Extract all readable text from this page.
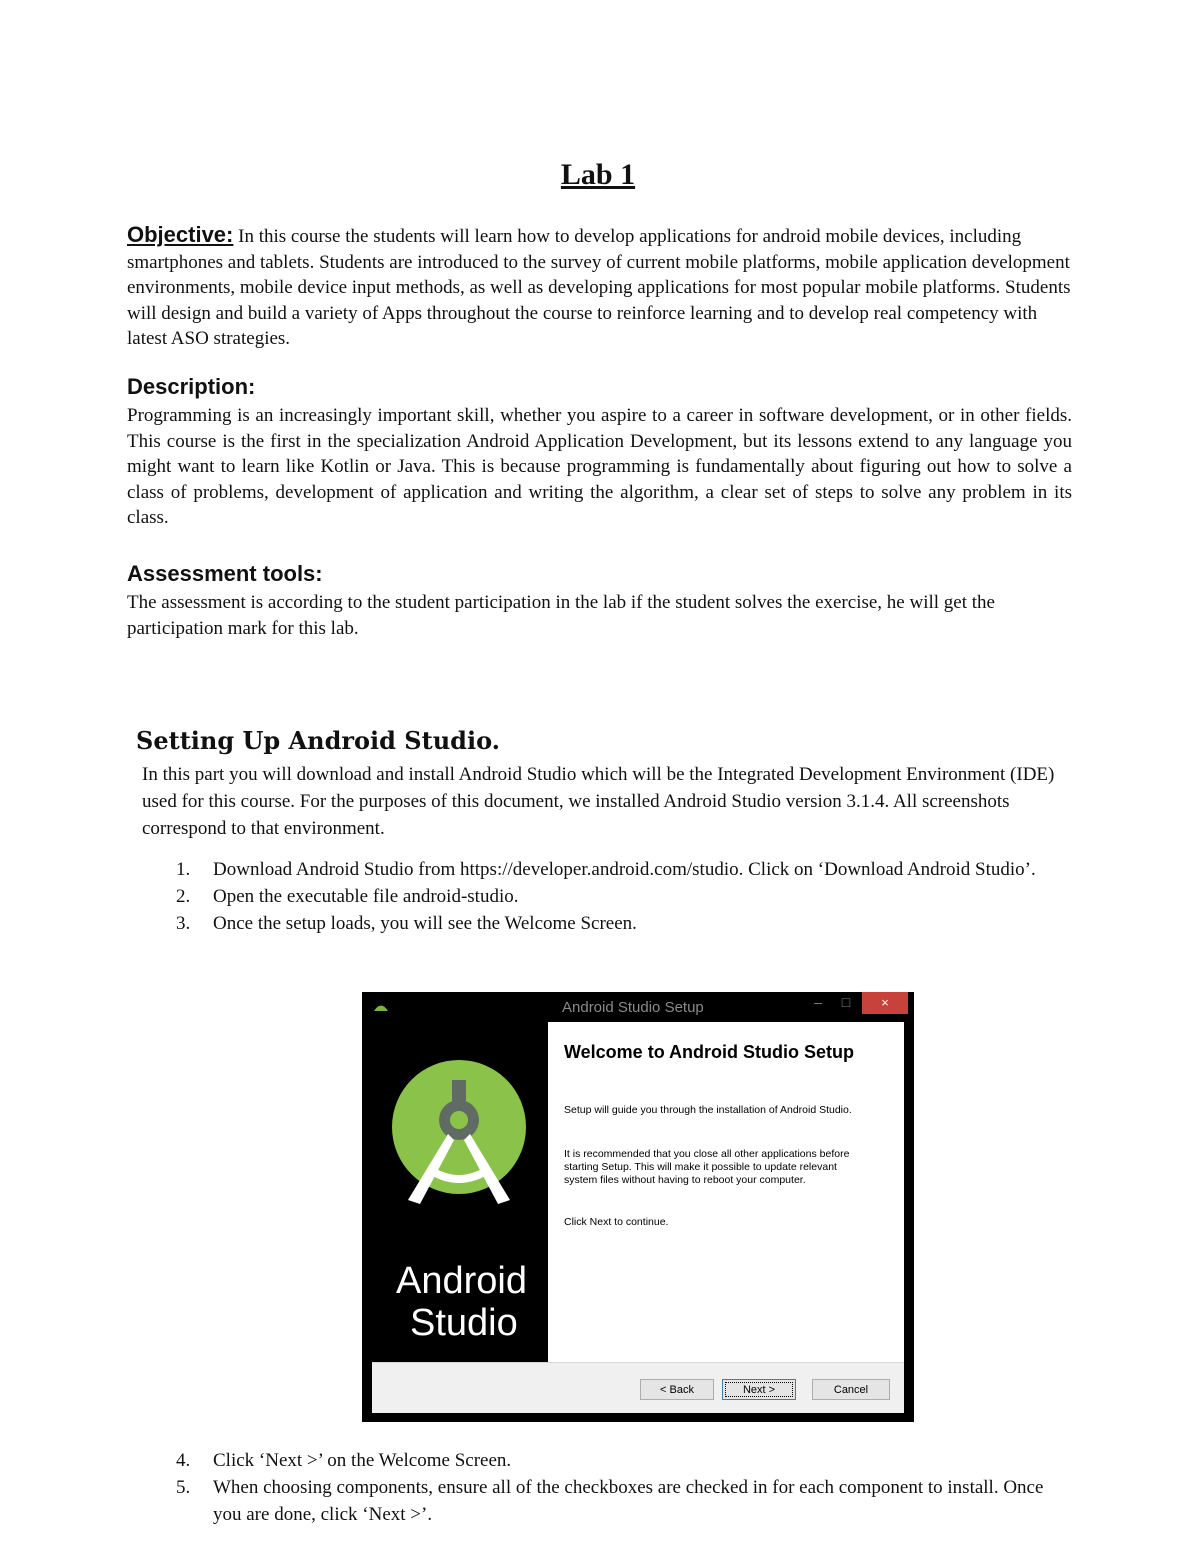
Lab 1

Objective: In this course the students will learn how to develop applications for android mobile devices, including smartphones and tablets. Students are introduced to the survey of current mobile platforms, mobile application development environments, mobile device input methods, as well as developing applications for most popular mobile platforms. Students will design and build a variety of Apps throughout the course to reinforce learning and to develop real competency with latest ASO strategies.

Description:

Programming is an increasingly important skill, whether you aspire to a career in software development, or in other fields. This course is the first in the specialization Android Application Development, but its lessons extend to any language you might want to learn like Kotlin or Java. This is because programming is fundamentally about figuring out how to solve a class of problems, development of application and writing the algorithm, a clear set of steps to solve any problem in its class.

Assessment tools:

The assessment is according to the student participation in the lab if the student solves the exercise, he will get the participation mark for this lab.

Setting Up Android Studio.

In this part you will download and install Android Studio which will be the Integrated Development Environment (IDE) used for this course. For the purposes of this document, we installed Android Studio version 3.1.4. All screenshots correspond to that environment.

1.	Download Android Studio from https://developer.android.com/studio. Click on ‘Download Android Studio’.
2.	Open the executable file android-studio.
3.	Once the setup loads, you will see the Welcome Screen.
Android Studio Setup	–	□	×
Android
Studio
Welcome to Android Studio Setup
Setup will guide you through the installation of Android Studio.
It is recommended that you close all other applications before starting Setup. This will make it possible to update relevant system files without having to reboot your computer.
Click Next to continue.
< Back	Next >	Cancel
4.	Click ‘Next >’ on the Welcome Screen.
5.	When choosing components, ensure all of the checkboxes are checked in for each component to install. Once you are done, click ‘Next >’.
